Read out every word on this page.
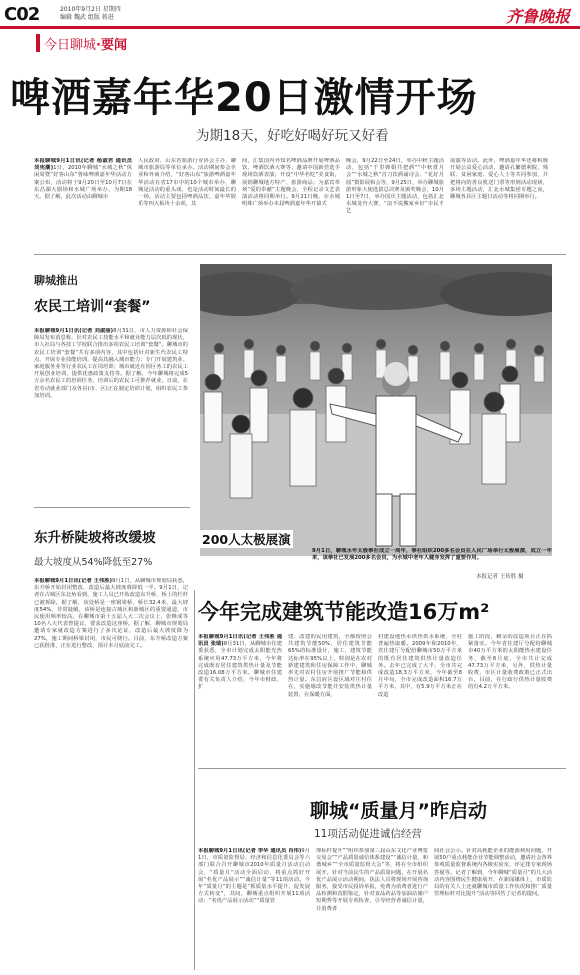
C02	2010年9月2日 星期四
编辑 魏武 组版 蒋进	齐鲁晚报
今日聊城·要闻
啤酒嘉年华20日激情开场
为期18天，好吃好喝好玩又好看

本报聊城9月1日讯(记者 杨淑君 通讯员 刘宪潮)1日，2010年聊城“水城之秋”休闲周暨“好客山东”鲁味啤酒嘉年华活动方案公布，活动将于9月20日至10月7日在东昌湖大剧场和水城广场举办，为期18天。据了解，此次活动由聊城市

人民政府、山东省旅游行业协会主办，聊城市旅游局等单位承办。活动期间参会企业和外商介绍，“好客山东”旅游啤酒嘉年华活动在省17市中的10个城市举办，聊城是活动的重头戏，也是活动时间最长的一场。活动主要包括啤酒品饮、嘉年华娱乐等四大板块十余项，其
间，汇集国内外知名啤酒品牌开展啤酒品饮、啤酒饮酒大赛等；邀请中国新莞选手现场饮酒表演；开设“中华名吃”美食街，展销聊城地方特产、旅游商品；为嘉宾奉场“爱的奉献”主题晚会，全程记录文艺表演活动将同期举行。9月21日晚，在水城明珠广场举办本届啤酒嘉年华开幕式
晚会，9月22日至24日，举办中秋主题活动，包括“千里婵娟共把酒”“中秋赏月会”“水城之秋”首刀饮酒诵诗会、“花好月圆”摄影展和会等，9月25日，举办聊城旅游形象大使选拔总决赛及颁奖晚会，10月1日至7日，举办国庆主题活动，包括汇北水城龙舟大赛、“浪不说搬家乡好”市民才艺
展演等活动。此外，啤酒嘉年华还将积极开展公益爱心活动，邀请孔繁德利院、残联、贫困家庭、爱心人士等共同参加，并把将向的善良机送门票等形到活动现场，多场主题活动，汇北水城集团专题之夜，聊城各县区主题日活动等将同期举行。
聊城推出
农民工培训“套餐”

本报聊城9月1日讯(记者 刘淑丽)8月31日，市人力资源和社会保障局发布消息称，针对农民工技能水平和就业能力层次低的现状，市人社局与各技工学校联合推出多项农民工培训“套餐”。聊城市的农民工培训“套餐”共有多项内容，其中包括针对新生代农民工特点，开展专业技能培训，提高其融入城市能力；专门开展建筑业、家庭服务业等行业农民工在岗培训；城市就近在园区务工的农民工开展创业培训，提供优惠政策支持等。据了解，今年聊城将完成5万余名农民工的培训任务，培训后的农民工可推荐就业。日前，在省劳动就业部门及各县(市、区)正在制定培训计划，组织农民工参加培训。

东升桥陡坡将改缓坡
最大坡度从54%降低至27%

本报聊城9月1日讯(记者 王伟胜)9月1日，从聊城市规划局获悉，东升桥开始封闭整改，改造后最大坡度将降低一半。9月1日，记者在古城区东北角看到，施工人员已开始改造东升桥，桥上的栏杆已被拆除。据了解，该处桥是一座钢梁桥，桥长32.4米，最大坡度54%，非常陡峭，该桥是连接古城区和新城区的重要通道，市民使用频率较高。在聊城市第十五届人大二次会议上，张继成等10名人大代表曾提议，要求改造这座桥。据了解，聊城市规划局邀请专家就改造方案进行了多次论证，改造后最大坡度降为27%，施工期间桥梁封闭，市民可绕行。目前，东升桥改造方案已获批准，正在进行整改，预计本月底前完工。

200人太极展演
9月1日，聊城永年太极拳社成立一周年，拳社组织200多名会员在人民广场举行太极展演，成立一年来，该拳社已发展200多名会员，为水城中老年人健身发挥了重要作用。
本报记者 王传胜 摄
今年完成建筑节能改造16万m²

本报聊城9月1日讯(记者 王伟胜 通讯员 张瑞)8月31日，从聊城市住建委获悉，全市计划完成太阳能光热系统应用47.73万平方米，今年将完成既有居住建筑供热计量及节能改造16.08万平方米。聊城市住建委有关负责人介绍，今年市财政、扩

建、改建的民用建筑，全都按照公共建筑节能50%，居住建筑节能65%的标准设计，施工，建筑节能达标率在95%以上，特别是在农村新建建筑和住房保障工作中，聊城率先对农村住房开展推广节能和供热计量。东昌府区设区域对庄村住在，实施墙改节能并安装供热计量装置，在保暖方面，
村建设地热水供热供水系统，全村普遍热取暖。2009年和2010年，省住建厅分配给聊城市50万平方米的既有居住建筑供热计量改造任务。去年已完成了大半，全市共完成改造18.3万平方米，今年截至8月中旬，全市完成改造面积16.7万平方米，其中，有5.9万平方米正在改造
施工阶段，剩余的改造项目正在抓紧落实。今年省住建厅分配给聊城市40万平方米的太阳能热水建设任务，截至8月底，全市共计完成47.73万平方米，另外，供热计量收费，市区计量收费政策已正式出台，目前，在行政行供热计量收费的有4.2万平方米。
聊城“质量月”昨启动
11项活动促进诚信经营

本报聊城9月1日讯(记者 李华 通讯员 肖伟)9月1日，市质量监督局、经济和信息化委员会等六部门联合召开聊城市2010年质量月活动启动会，“质量月”活动全面启动，将重点抓好开展“名优产品展示”“诚信计量”等11项活动。今年“质量月”的主题是“抓质量水平提升，促发展方式转变”，其间，聊城重点组织开展11项活动：“名优产品展示活动”“质量管

理标杆提升”“组织参加第三届山东文化产业博览交易会”“产品质量诚信体系建设”“诚信计量，和谐城乡”“全市质量监督大会”等，将在全市组织展开。针对当前民生的产品质量问题，在开展名优产品展示活动期间，执法人员将现场开展咨询服务，接受市民投诉举报，免费为消费者进行产品检测和真假鉴定，针对食品药品等加油站储户短期秀等开展专项检查，引导经营者诚信计量，让消费者
间社会公示。针对高耗能企业的能源利用问题，开展50户重点耗能企业节能调整活动，邀请社会各界参观质量监督系统内各级实验室，评定排专家现场答疑等。记者了解到，今年聊城“质量月”的几大活动内容围绕民生健康展开，在新闻媒体上，市质监局的有关人士还就聊城市质量工作状况和推广质量管理标杆对比提升“活动等回答了记者的提问。
